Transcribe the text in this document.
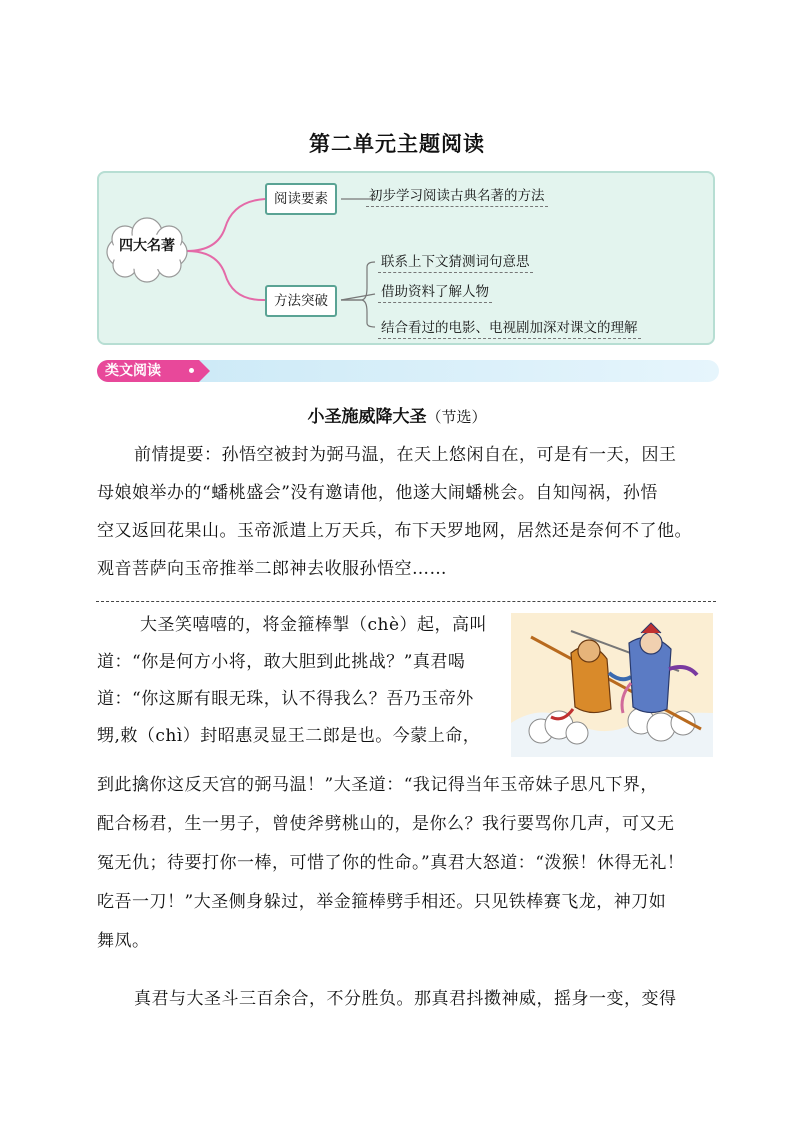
第二单元主题阅读
四大名著
阅读要素	初步学习阅读古典名著的方法
方法突破
联系上下文猜测词句意思
借助资料了解人物
结合看过的电影、电视剧加深对课文的理解
类文阅读
小圣施威降大圣（节选）
前情提要：孙悟空被封为弼马温，在天上悠闲自在，可是有一天，因王
母娘娘举办的“蟠桃盛会”没有邀请他，他遂大闹蟠桃会。自知闯祸，孙悟
空又返回花果山。玉帝派遣上万天兵，布下天罗地网，居然还是奈何不了他。
观音菩萨向玉帝推举二郎神去收服孙悟空……
大圣笑嘻嘻的，将金箍棒掣（chè）起，高叫
道：“你是何方小将，敢大胆到此挑战？”真君喝
道：“你这厮有眼无珠，认不得我么？吾乃玉帝外
甥,敕（chì）封昭惠灵显王二郎是也。今蒙上命，
到此擒你这反天宫的弼马温！”大圣道：“我记得当年玉帝妹子思凡下界，
配合杨君，生一男子，曾使斧劈桃山的，是你么？我行要骂你几声，可又无
冤无仇；待要打你一棒，可惜了你的性命。”真君大怒道：“泼猴！休得无礼！
吃吾一刀！”大圣侧身躲过，举金箍棒劈手相还。只见铁棒赛飞龙，神刀如
舞凤。
真君与大圣斗三百余合，不分胜负。那真君抖擞神威，摇身一变，变得
